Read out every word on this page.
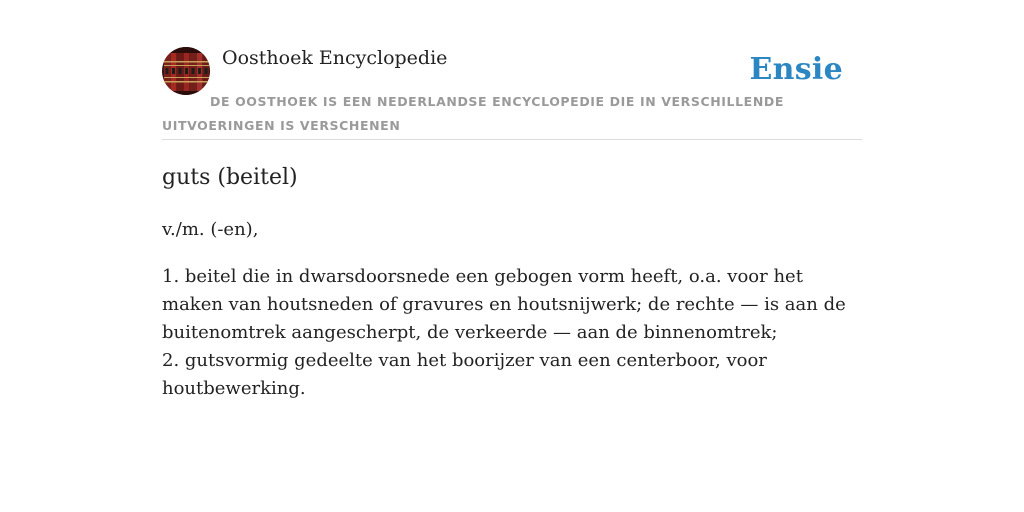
Oosthoek Encyclopedie	Ensie

DE OOSTHOEK IS EEN NEDERLANDSE ENCYCLOPEDIE DIE IN VERSCHILLENDE UITVOERINGEN IS VERSCHENEN

guts (beitel)

v./m. (-en),

1. beitel die in dwarsdoorsnede een gebogen vorm heeft, o.a. voor het maken van houtsneden of gravures en houtsnijwerk; de rechte — is aan de buitenomtrek aangescherpt, de verkeerde — aan de binnenomtrek;
2. gutsvormig gedeelte van het boorijzer van een centerboor, voor houtbewerking.
